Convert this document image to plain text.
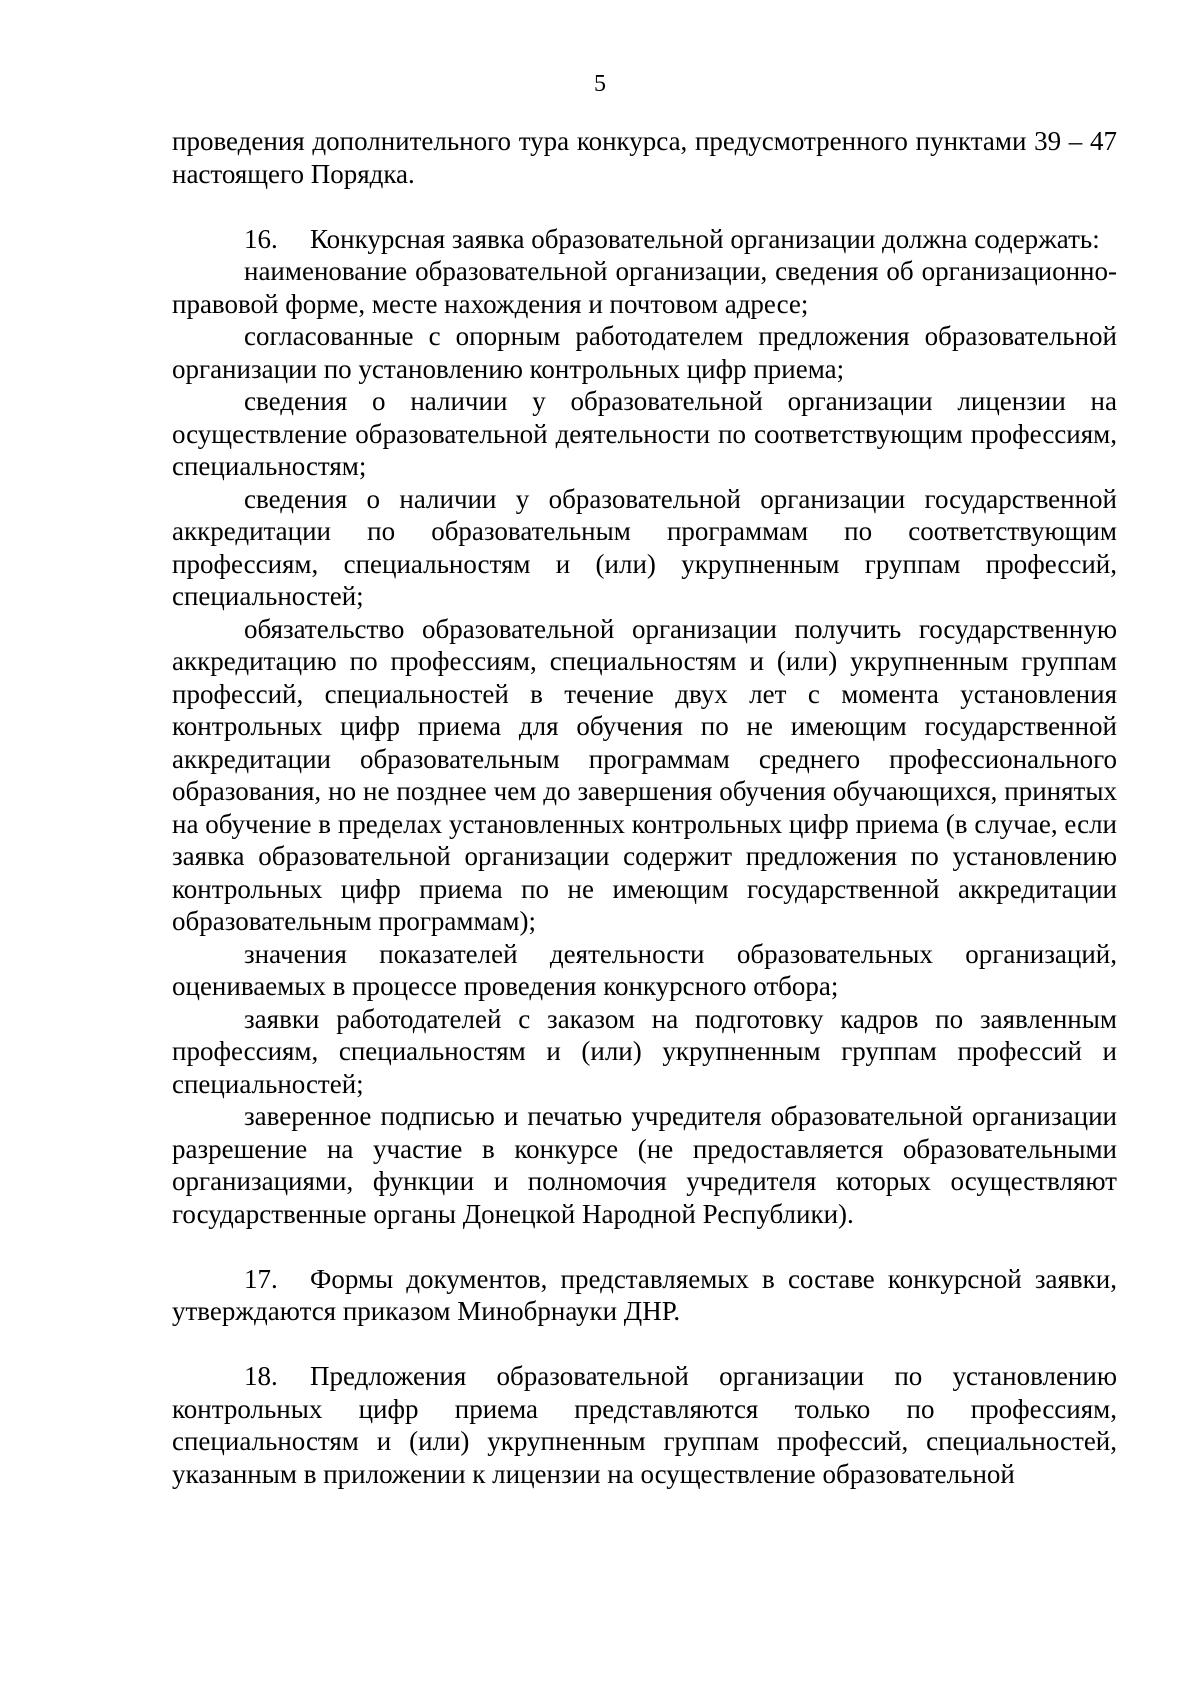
5

проведения дополнительного тура конкурса, предусмотренного пунктами 39 – 47 настоящего Порядка.

16. Конкурсная заявка образовательной организации должна содержать:

наименование образовательной организации, сведения об организационно-правовой форме, месте нахождения и почтовом адресе;

согласованные с опорным работодателем предложения образовательной организации по установлению контрольных цифр приема;

сведения о наличии у образовательной организации лицензии на осуществление образовательной деятельности по соответствующим профессиям, специальностям;

сведения о наличии у образовательной организации государственной аккредитации по образовательным программам по соответствующим профессиям, специальностям и (или) укрупненным группам профессий, специальностей;

обязательство образовательной организации получить государственную аккредитацию по профессиям, специальностям и (или) укрупненным группам профессий, специальностей в течение двух лет с момента установления контрольных цифр приема для обучения по не имеющим государственной аккредитации образовательным программам среднего профессионального образования, но не позднее чем до завершения обучения обучающихся, принятых на обучение в пределах установленных контрольных цифр приема (в случае, если заявка образовательной организации содержит предложения по установлению контрольных цифр приема по не имеющим государственной аккредитации образовательным программам);

значения показателей деятельности образовательных организаций, оцениваемых в процессе проведения конкурсного отбора;

заявки работодателей с заказом на подготовку кадров по заявленным профессиям, специальностям и (или) укрупненным группам профессий и специальностей;

заверенное подписью и печатью учредителя образовательной организации разрешение на участие в конкурсе (не предоставляется образовательными организациями, функции и полномочия учредителя которых осуществляют государственные органы Донецкой Народной Республики).

17. Формы документов, представляемых в составе конкурсной заявки, утверждаются приказом Минобрнауки ДНР.

18. Предложения образовательной организации по установлению контрольных цифр приема представляются только по профессиям, специальностям и (или) укрупненным группам профессий, специальностей, указанным в приложении к лицензии на осуществление образовательной
